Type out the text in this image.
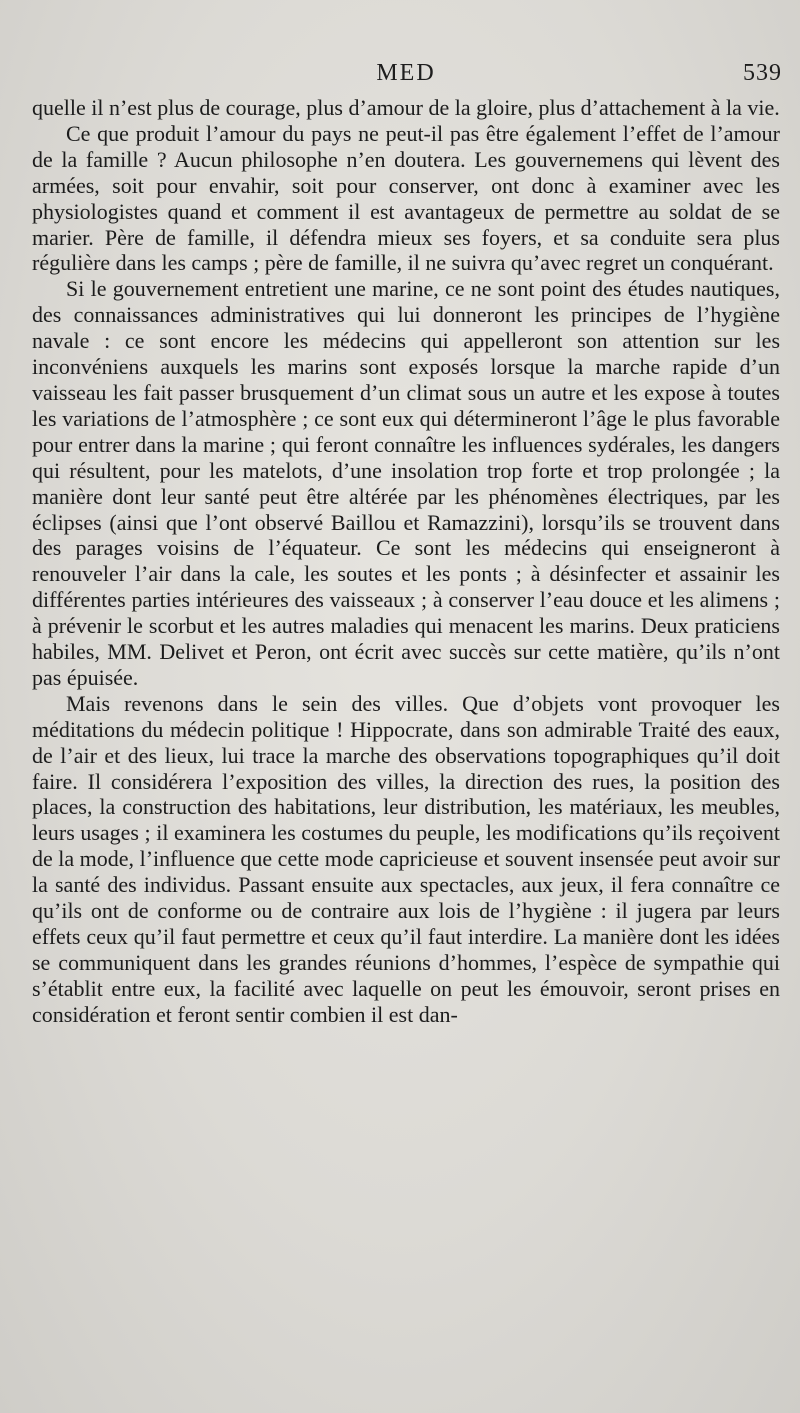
MED	539

quelle il n’est plus de courage, plus d’amour de la gloire, plus d’attachement à la vie.

Ce que produit l’amour du pays ne peut-il pas être également l’effet de l’amour de la famille ? Aucun philosophe n’en doutera. Les gouvernemens qui lèvent des armées, soit pour envahir, soit pour conserver, ont donc à examiner avec les physiologistes quand et comment il est avantageux de permettre au soldat de se marier. Père de famille, il défendra mieux ses foyers, et sa conduite sera plus régulière dans les camps ; père de famille, il ne suivra qu’avec regret un conquérant.

Si le gouvernement entretient une marine, ce ne sont point des études nautiques, des connaissances administratives qui lui donneront les principes de l’hygiène navale : ce sont encore les médecins qui appelleront son attention sur les inconvéniens auxquels les marins sont exposés lorsque la marche rapide d’un vaisseau les fait passer brusquement d’un climat sous un autre et les expose à toutes les variations de l’atmosphère ; ce sont eux qui détermineront l’âge le plus favorable pour entrer dans la marine ; qui feront connaître les influences sydérales, les dangers qui résultent, pour les matelots, d’une insolation trop forte et trop prolongée ; la manière dont leur santé peut être altérée par les phénomènes électriques, par les éclipses (ainsi que l’ont observé Baillou et Ramazzini), lorsqu’ils se trouvent dans des parages voisins de l’équateur. Ce sont les médecins qui enseigneront à renouveler l’air dans la cale, les soutes et les ponts ; à désinfecter et assainir les différentes parties intérieures des vaisseaux ; à conserver l’eau douce et les alimens ; à prévenir le scorbut et les autres maladies qui menacent les marins. Deux praticiens habiles, MM. Delivet et Peron, ont écrit avec succès sur cette matière, qu’ils n’ont pas épuisée.

Mais revenons dans le sein des villes. Que d’objets vont provoquer les méditations du médecin politique ! Hippocrate, dans son admirable Traité des eaux, de l’air et des lieux, lui trace la marche des observations topographiques qu’il doit faire. Il considérera l’exposition des villes, la direction des rues, la position des places, la construction des habitations, leur distribution, les matériaux, les meubles, leurs usages ; il examinera les costumes du peuple, les modifications qu’ils reçoivent de la mode, l’influence que cette mode capricieuse et souvent insensée peut avoir sur la santé des individus. Passant ensuite aux spectacles, aux jeux, il fera connaître ce qu’ils ont de conforme ou de contraire aux lois de l’hygiène : il jugera par leurs effets ceux qu’il faut permettre et ceux qu’il faut interdire. La manière dont les idées se communiquent dans les grandes réunions d’hommes, l’espèce de sympathie qui s’établit entre eux, la facilité avec laquelle on peut les émouvoir, seront prises en considération et feront sentir combien il est dan-
